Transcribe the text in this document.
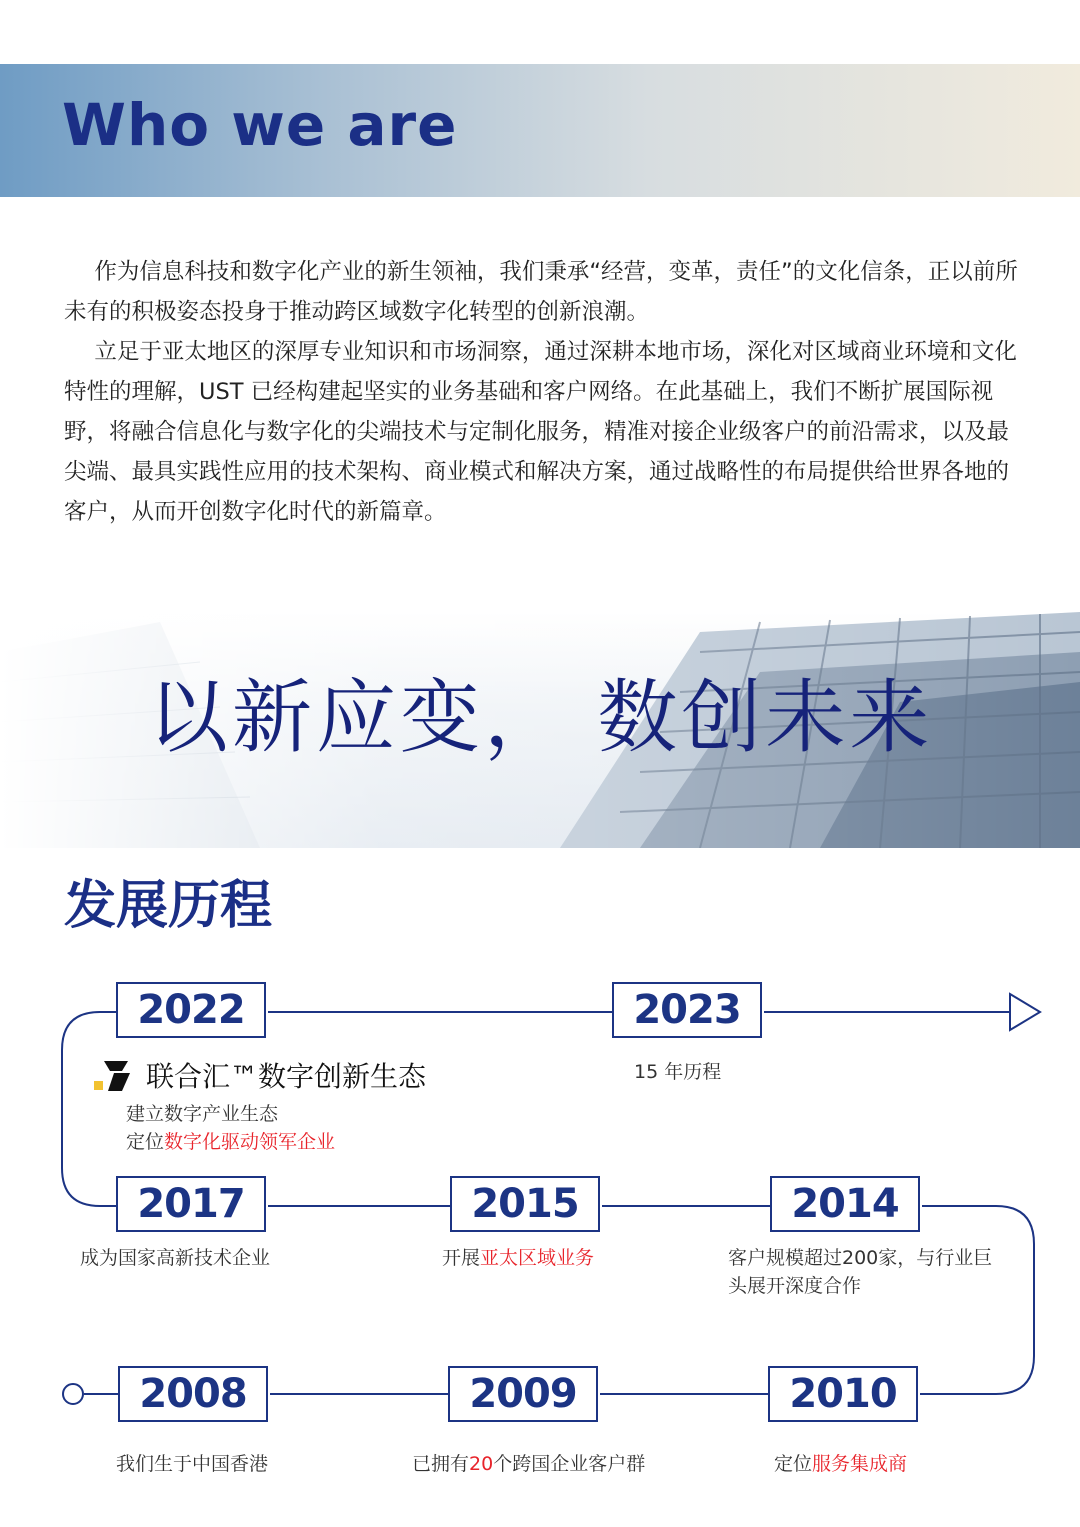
Who we are

作为信息科技和数字化产业的新生领袖，我们秉承“经营，变革，责任”的文化信条，正以前所未有的积极姿态投身于推动跨区域数字化转型的创新浪潮。

立足于亚太地区的深厚专业知识和市场洞察，通过深耕本地市场，深化对区域商业环境和文化特性的理解，UST 已经构建起坚实的业务基础和客户网络。在此基础上，我们不断扩展国际视野，将融合信息化与数字化的尖端技术与定制化服务，精准对接企业级客户的前沿需求，以及最尖端、最具实践性应用的技术架构、商业模式和解决方案，通过战略性的布局提供给世界各地的客户，从而开创数字化时代的新篇章。

以新应变， 数创未来
发展历程
2022
联合汇™数字创新生态
建立数字产业生态
定位数字化驱动领军企业
2023
15 年历程
2017
成为国家高新技术企业
2015
开展亚太区域业务
2014
客户规模超过200家，与行业巨
头展开深度合作
2008
我们生于中国香港
2009
已拥有20个跨国企业客户群
2010
定位服务集成商
